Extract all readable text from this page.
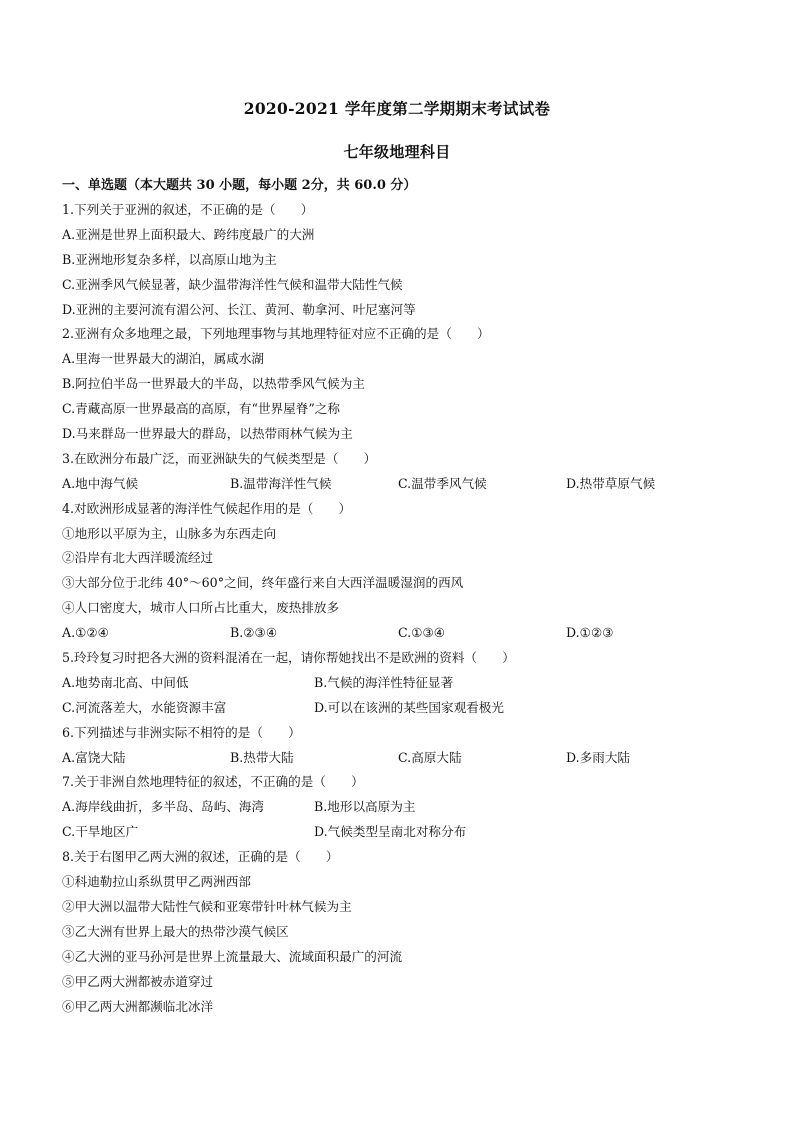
2020-2021 学年度第二学期期末考试试卷
七年级地理科目
一、单选题（本大题共 30 小题，每小题 2分，共 60.0 分）
1.下列关于亚洲的叙述，不正确的是（　　）
A.亚洲是世界上面积最大、跨纬度最广的大洲
B.亚洲地形复杂多样，以高原山地为主
C.亚洲季风气候显著，缺少温带海洋性气候和温带大陆性气候
D.亚洲的主要河流有湄公河、长江、黄河、勒拿河、叶尼塞河等
2.亚洲有众多地理之最，下列地理事物与其地理特征对应不正确的是（　　）
A.里海一世界最大的湖泊，属咸水湖
B.阿拉伯半岛一世界最大的半岛，以热带季风气候为主
C.青藏高原一世界最高的高原，有“世界屋脊”之称
D.马来群岛一世界最大的群岛，以热带雨林气候为主
3.在欧洲分布最广泛，而亚洲缺失的气候类型是（　　）
A.地中海气候	B.温带海洋性气候	C.温带季风气候	D.热带草原气候
4.对欧洲形成显著的海洋性气候起作用的是（　　）
①地形以平原为主，山脉多为东西走向
②沿岸有北大西洋暖流经过
③大部分位于北纬 40°～60°之间，终年盛行来自大西洋温暖湿润的西风
④人口密度大，城市人口所占比重大，废热排放多
A.①②④	B.②③④	C.①③④	D.①②③
5.玲玲复习时把各大洲的资料混淆在一起，请你帮她找出不是欧洲的资料（　　）
A.地势南北高、中间低	B.气候的海洋性特征显著
C.河流落差大，水能资源丰富	D.可以在该洲的某些国家观看极光
6.下列描述与非洲实际不相符的是（　　）
A.富饶大陆	B.热带大陆	C.高原大陆	D.多雨大陆
7.关于非洲自然地理特征的叙述，不正确的是（　　）
A.海岸线曲折，多半岛、岛屿、海湾	B.地形以高原为主
C.干旱地区广	D.气候类型呈南北对称分布
8.关于右图甲乙两大洲的叙述，正确的是（　　）
①科迪勒拉山系纵贯甲乙两洲西部
②甲大洲以温带大陆性气候和亚寒带针叶林气候为主
③乙大洲有世界上最大的热带沙漠气候区
④乙大洲的亚马孙河是世界上流量最大、流域面积最广的河流
⑤甲乙两大洲都被赤道穿过
⑥甲乙两大洲都濒临北冰洋
